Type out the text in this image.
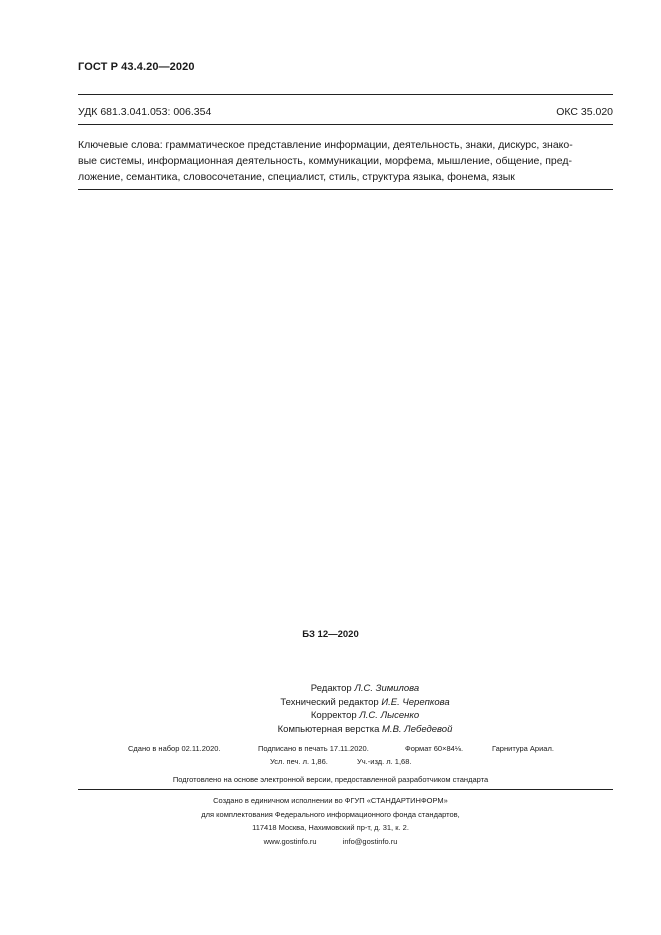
ГОСТ Р 43.4.20—2020
УДК 681.3.041.053: 006.354	ОКС 35.020
Ключевые слова: грамматическое представление информации, деятельность, знаки, дискурс, знако-
вые системы, информационная деятельность, коммуникации, морфема, мышление, общение, пред-
ложение, семантика, словосочетание, специалист, стиль, структура языка, фонема, язык
БЗ 12—2020
Редактор Л.С. Зимилова
Технический редактор И.Е. Черепкова
Корректор Л.С. Лысенко
Компьютерная верстка М.В. Лебедевой
Сдано в набор 02.11.2020.	Подписано в печать 17.11.2020.	Формат 60×84⅛.	Гарнитура Ариал.
Усл. печ. л. 1,86.	Уч.-изд. л. 1,68.
Подготовлено на основе электронной версии, предоставленной разработчиком стандарта
Создано в единичном исполнении во ФГУП «СТАНДАРТИНФОРМ»
для комплектования Федерального информационного фонда стандартов,
117418 Москва, Нахимовский пр-т, д. 31, к. 2.
www.gostinfo.ru	info@gostinfo.ru
